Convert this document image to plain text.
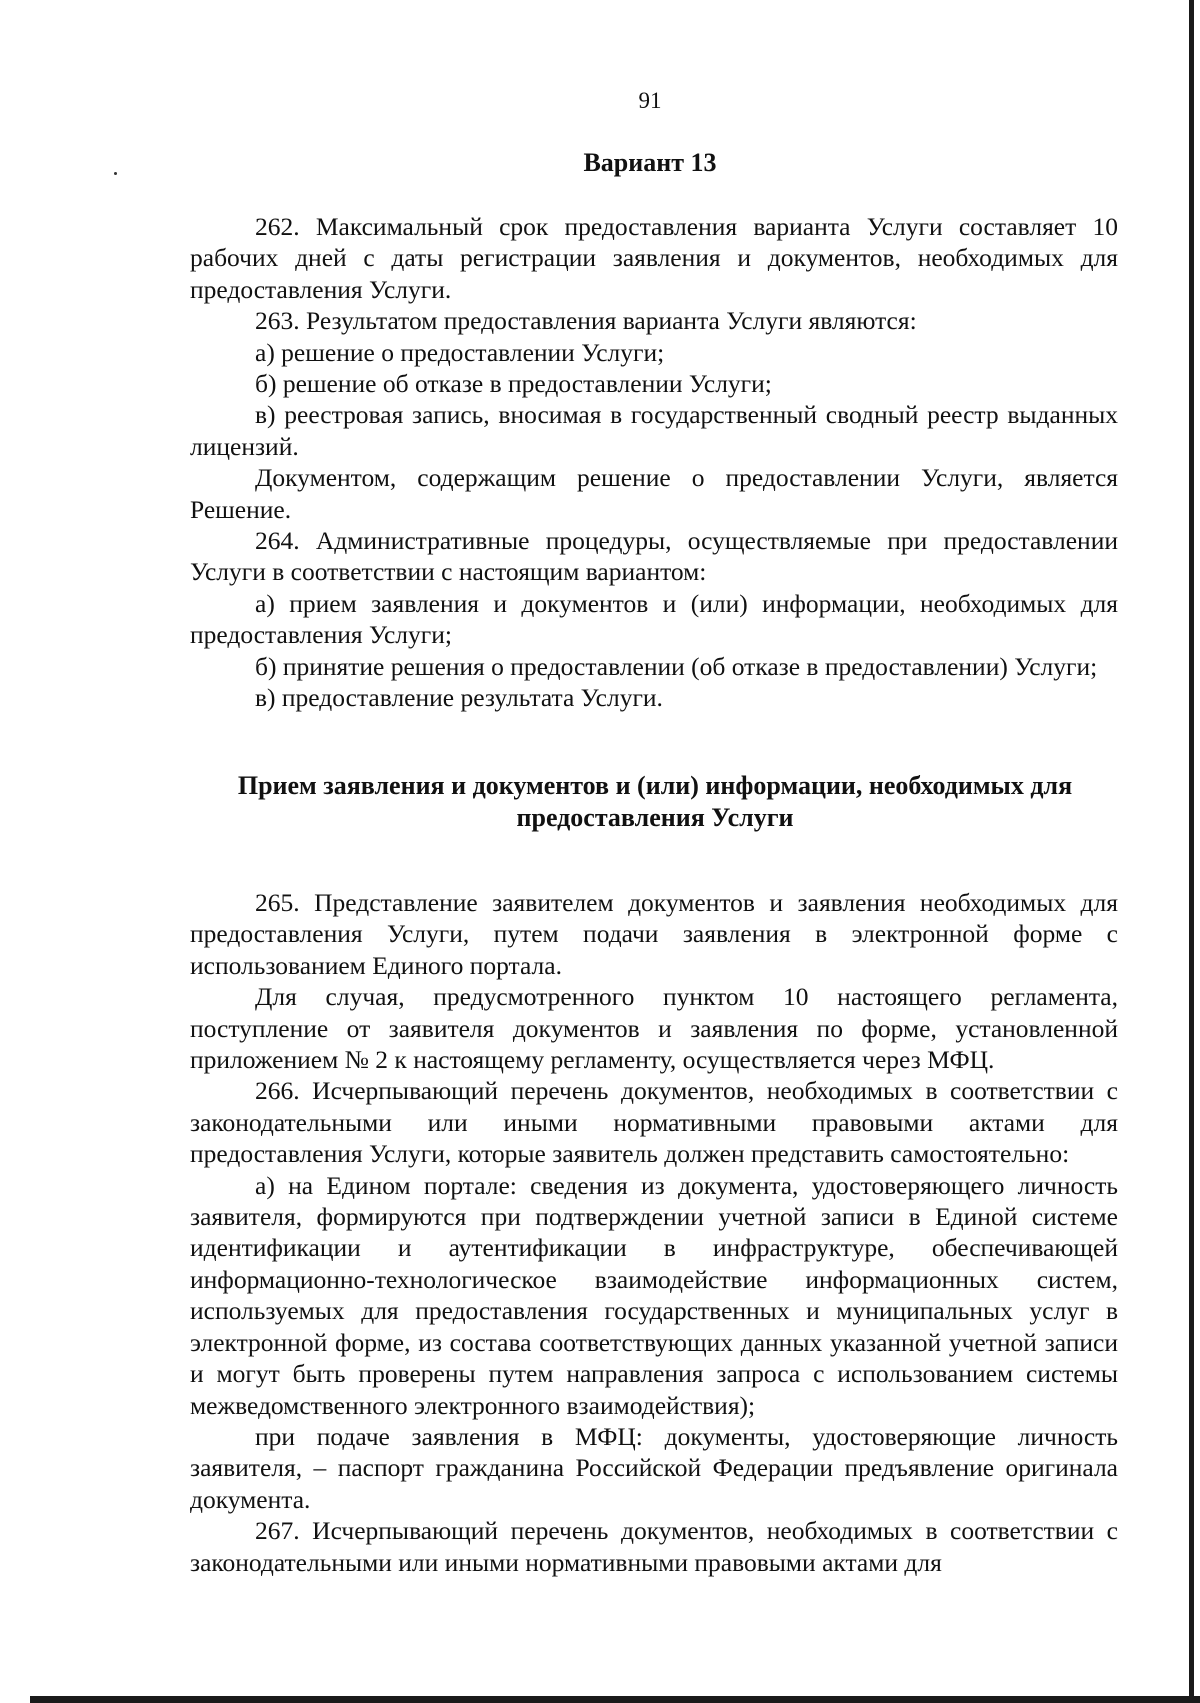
91
Вариант 13

262. Максимальный срок предоставления варианта Услуги составляет 10 рабочих дней с даты регистрации заявления и документов, необходимых для предоставления Услуги.

263. Результатом предоставления варианта Услуги являются:

а) решение о предоставлении Услуги;

б) решение об отказе в предоставлении Услуги;

в) реестровая запись, вносимая в государственный сводный реестр выданных лицензий.

Документом, содержащим решение о предоставлении Услуги, является Решение.

264. Административные процедуры, осуществляемые при предоставлении Услуги в соответствии с настоящим вариантом:

а) прием заявления и документов и (или) информации, необходимых для предоставления Услуги;

б) принятие решения о предоставлении (об отказе в предоставлении) Услуги;

в) предоставление результата Услуги.

Прием заявления и документов и (или) информации, необходимых для предоставления Услуги

265. Представление заявителем документов и заявления необходимых для предоставления Услуги, путем подачи заявления в электронной форме с использованием Единого портала.

Для случая, предусмотренного пунктом 10 настоящего регламента, поступление от заявителя документов и заявления по форме, установленной приложением № 2 к настоящему регламенту, осуществляется через МФЦ.

266. Исчерпывающий перечень документов, необходимых в соответствии с законодательными или иными нормативными правовыми актами для предоставления Услуги, которые заявитель должен представить самостоятельно:

а) на Едином портале: сведения из документа, удостоверяющего личность заявителя, формируются при подтверждении учетной записи в Единой системе идентификации и аутентификации в инфраструктуре, обеспечивающей информационно-технологическое взаимодействие информационных систем, используемых для предоставления государственных и муниципальных услуг в электронной форме, из состава соответствующих данных указанной учетной записи и могут быть проверены путем направления запроса с использованием системы межведомственного электронного взаимодействия);

при подаче заявления в МФЦ: документы, удостоверяющие личность заявителя, – паспорт гражданина Российской Федерации предъявление оригинала документа.

267. Исчерпывающий перечень документов, необходимых в соответствии с законодательными или иными нормативными правовыми актами для
